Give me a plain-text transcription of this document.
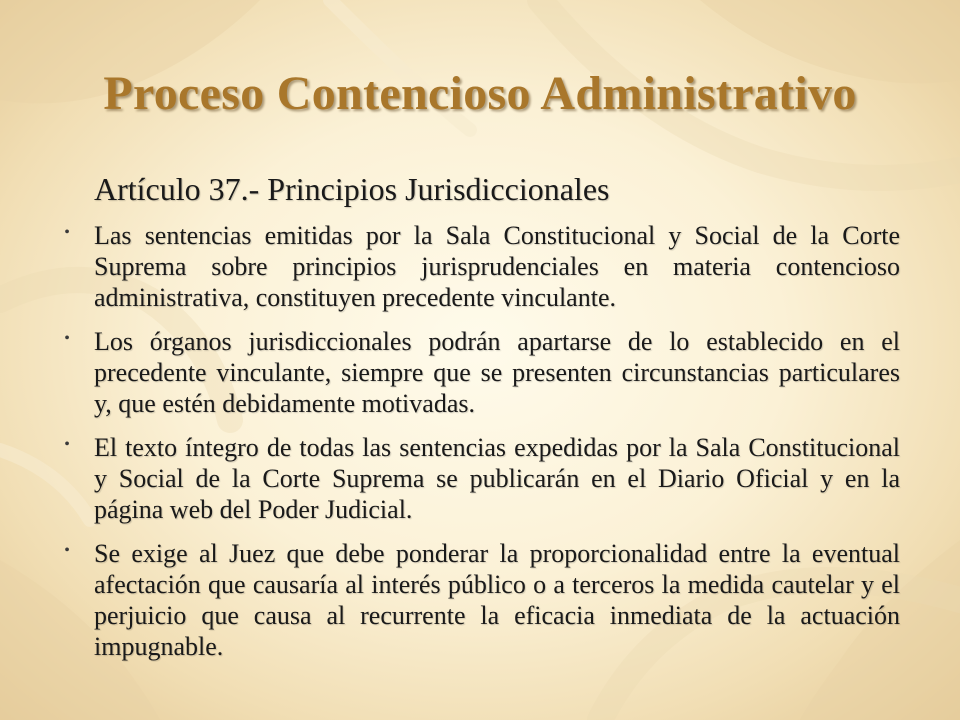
Proceso Contencioso Administrativo
Artículo 37.- Principios Jurisdiccionales
• Las sentencias emitidas por la Sala Constitucional y Social de la Corte Suprema sobre principios jurisprudenciales en materia contencioso administrativa, constituyen precedente vinculante.
• Los órganos jurisdiccionales podrán apartarse de lo establecido en el precedente vinculante, siempre que se presenten circunstancias particulares y, que estén debidamente motivadas.
• El texto íntegro de todas las sentencias expedidas por la Sala Constitucional y Social de la Corte Suprema se publicarán en el Diario Oficial y en la página web del Poder Judicial.
• Se exige al Juez que debe ponderar la proporcionalidad entre la eventual afectación que causaría al interés público o a terceros la medida cautelar y el perjuicio que causa al recurrente la eficacia inmediata de la actuación impugnable.
